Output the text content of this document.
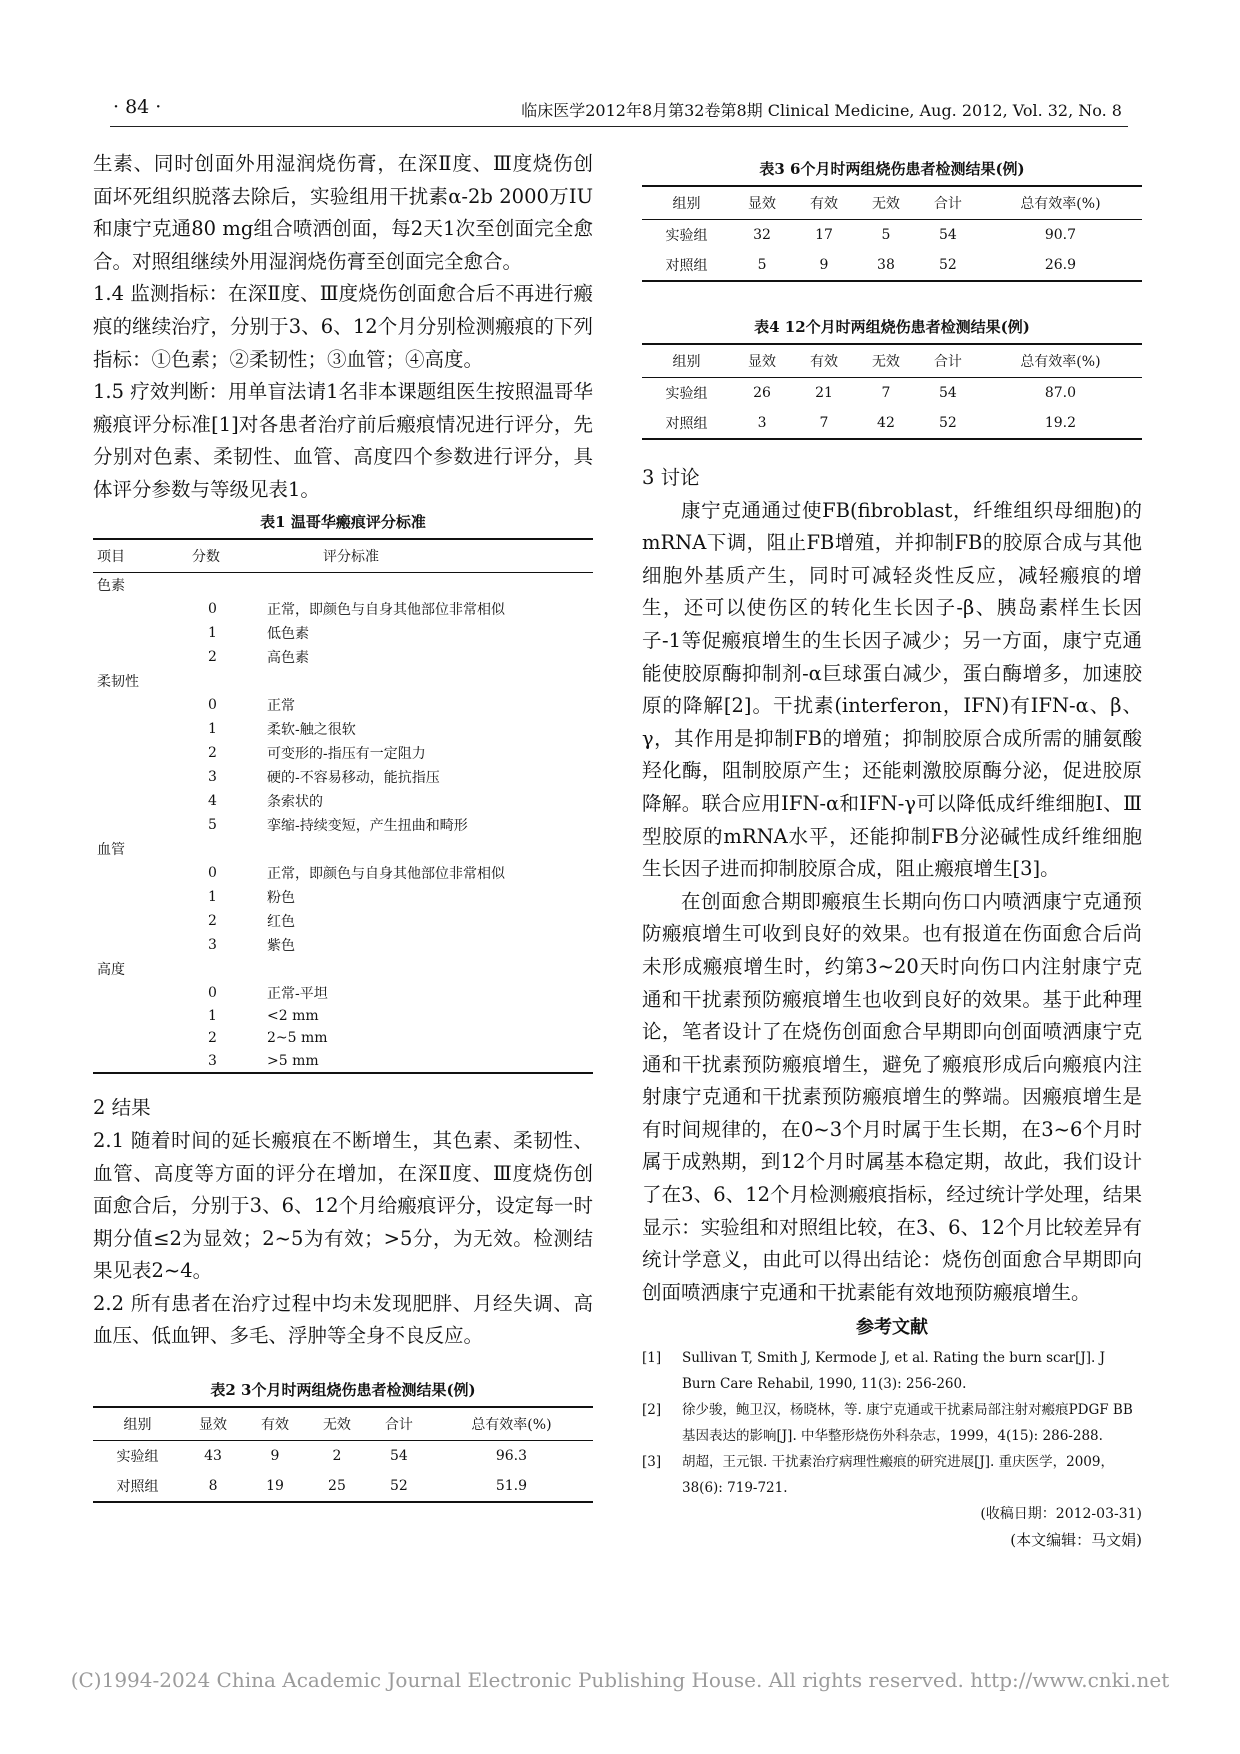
· 84 ·	临床医学2012年8月第32卷第8期 Clinical Medicine, Aug. 2012, Vol. 32, No. 8

生素、同时创面外用湿润烧伤膏，在深Ⅱ度、Ⅲ度烧伤创面坏死组织脱落去除后，实验组用干扰素α-2b 2000万IU和康宁克通80 mg组合喷洒创面，每2天1次至创面完全愈合。对照组继续外用湿润烧伤膏至创面完全愈合。

1.4 监测指标：在深Ⅱ度、Ⅲ度烧伤创面愈合后不再进行瘢痕的继续治疗，分别于3、6、12个月分别检测瘢痕的下列指标：①色素；②柔韧性；③血管；④高度。

1.5 疗效判断：用单盲法请1名非本课题组医生按照温哥华瘢痕评分标准[1]对各患者治疗前后瘢痕情况进行评分，先分别对色素、柔韧性、血管、高度四个参数进行评分，具体评分参数与等级见表1。

表1 温哥华瘢痕评分标准
项目	分数	评分标准
色素		
	0	正常，即颜色与自身其他部位非常相似
	1	低色素
	2	高色素
柔韧性		
	0	正常
	1	柔软-触之很软
	2	可变形的-指压有一定阻力
	3	硬的-不容易移动，能抗指压
	4	条索状的
	5	挛缩-持续变短，产生扭曲和畸形
血管		
	0	正常，即颜色与自身其他部位非常相似
	1	粉色
	2	红色
	3	紫色
高度		
	0	正常-平坦
	1	<2 mm
	2	2~5 mm
	3	>5 mm
2 结果

2.1 随着时间的延长瘢痕在不断增生，其色素、柔韧性、血管、高度等方面的评分在增加，在深Ⅱ度、Ⅲ度烧伤创面愈合后，分别于3、6、12个月给瘢痕评分，设定每一时期分值≤2为显效；2~5为有效；>5分，为无效。检测结果见表2~4。

2.2 所有患者在治疗过程中均未发现肥胖、月经失调、高血压、低血钾、多毛、浮肿等全身不良反应。

表2 3个月时两组烧伤患者检测结果(例)
组别	显效	有效	无效	合计	总有效率(%)
实验组	43	9	2	54	96.3
对照组	8	19	25	52	51.9
表3 6个月时两组烧伤患者检测结果(例)
组别	显效	有效	无效	合计	总有效率(%)
实验组	32	17	5	54	90.7
对照组	5	9	38	52	26.9
表4 12个月时两组烧伤患者检测结果(例)
组别	显效	有效	无效	合计	总有效率(%)
实验组	26	21	7	54	87.0
对照组	3	7	42	52	19.2
3 讨论

康宁克通通过使FB(fibroblast，纤维组织母细胞)的mRNA下调，阻止FB增殖，并抑制FB的胶原合成与其他细胞外基质产生，同时可减轻炎性反应，减轻瘢痕的增生，还可以使伤区的转化生长因子-β、胰岛素样生长因子-1等促瘢痕增生的生长因子减少；另一方面，康宁克通能使胶原酶抑制剂-α巨球蛋白减少，蛋白酶增多，加速胶原的降解[2]。干扰素(interferon，IFN)有IFN-α、β、γ，其作用是抑制FB的增殖；抑制胶原合成所需的脯氨酸羟化酶，阻制胶原产生；还能刺激胶原酶分泌，促进胶原降解。联合应用IFN-α和IFN-γ可以降低成纤维细胞Ⅰ、Ⅲ型胶原的mRNA水平，还能抑制FB分泌碱性成纤维细胞生长因子进而抑制胶原合成，阻止瘢痕增生[3]。

在创面愈合期即瘢痕生长期向伤口内喷洒康宁克通预防瘢痕增生可收到良好的效果。也有报道在伤面愈合后尚未形成瘢痕增生时，约第3~20天时向伤口内注射康宁克通和干扰素预防瘢痕增生也收到良好的效果。基于此种理论，笔者设计了在烧伤创面愈合早期即向创面喷洒康宁克通和干扰素预防瘢痕增生，避免了瘢痕形成后向瘢痕内注射康宁克通和干扰素预防瘢痕增生的弊端。因瘢痕增生是有时间规律的，在0~3个月时属于生长期，在3~6个月时属于成熟期，到12个月时属基本稳定期，故此，我们设计了在3、6、12个月检测瘢痕指标，经过统计学处理，结果显示：实验组和对照组比较，在3、6、12个月比较差异有统计学意义，由此可以得出结论：烧伤创面愈合早期即向创面喷洒康宁克通和干扰素能有效地预防瘢痕增生。

参考文献
[1]	Sullivan T, Smith J, Kermode J, et al. Rating the burn scar[J]. J Burn Care Rehabil, 1990, 11(3): 256-260.
[2]	徐少骏，鲍卫汉，杨晓林，等. 康宁克通或干扰素局部注射对瘢痕PDGF BB基因表达的影响[J]. 中华整形烧伤外科杂志，1999，4(15): 286-288.
[3]	胡超，王元银. 干扰素治疗病理性瘢痕的研究进展[J]. 重庆医学，2009，38(6): 719-721.
(收稿日期：2012-03-31)
(本文编辑：马文娟)
(C)1994-2024 China Academic Journal Electronic Publishing House. All rights reserved. http://www.cnki.net
